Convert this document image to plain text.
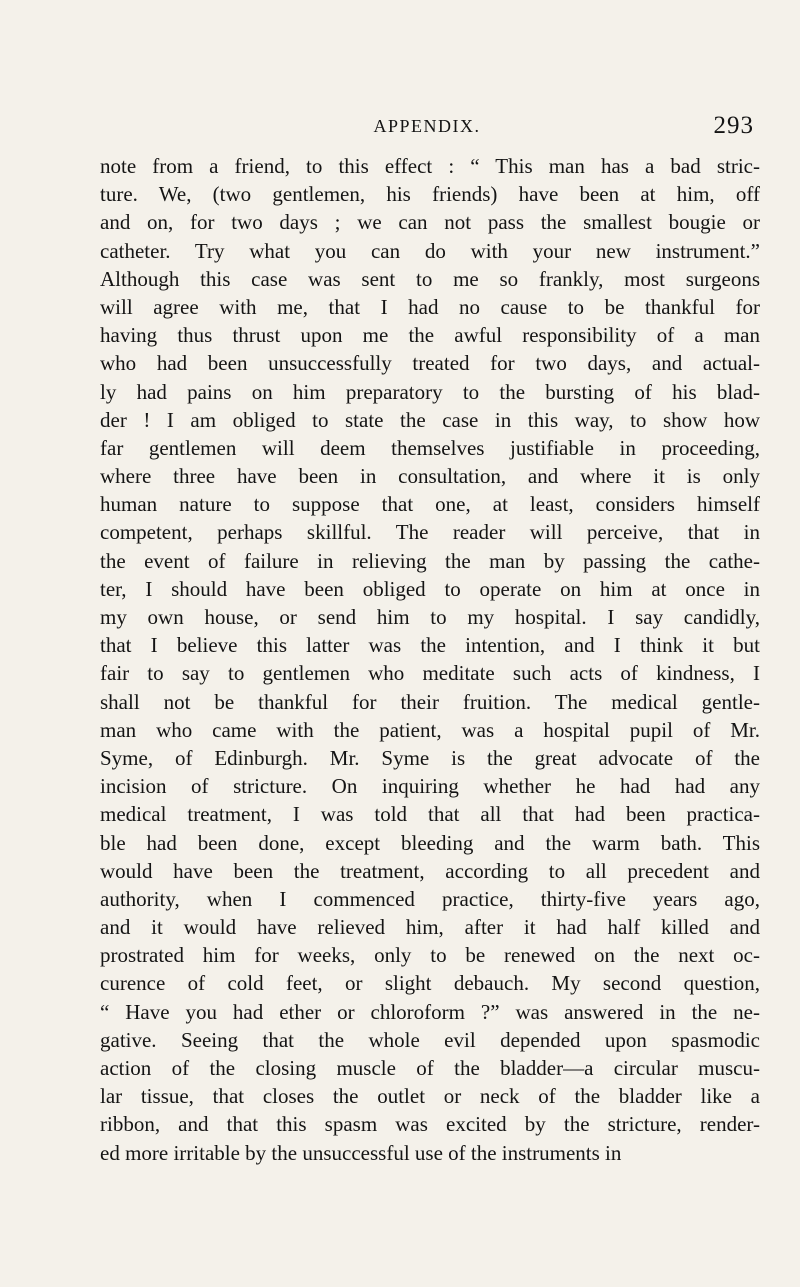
APPENDIX.	293
note from a friend, to this effect : “ This man has a bad stric-
ture. We, (two gentlemen, his friends) have been at him, off
and on, for two days ; we can not pass the smallest bougie or
catheter. Try what you can do with your new instrument.”
Although this case was sent to me so frankly, most surgeons
will agree with me, that I had no cause to be thankful for
having thus thrust upon me the awful responsibility of a man
who had been unsuccessfully treated for two days, and actual-
ly had pains on him preparatory to the bursting of his blad-
der ! I am obliged to state the case in this way, to show how
far gentlemen will deem themselves justifiable in proceeding,
where three have been in consultation, and where it is only
human nature to suppose that one, at least, considers himself
competent, perhaps skillful. The reader will perceive, that in
the event of failure in relieving the man by passing the cathe-
ter, I should have been obliged to operate on him at once in
my own house, or send him to my hospital. I say candidly,
that I believe this latter was the intention, and I think it but
fair to say to gentlemen who meditate such acts of kindness, I
shall not be thankful for their fruition. The medical gentle-
man who came with the patient, was a hospital pupil of Mr.
Syme, of Edinburgh. Mr. Syme is the great advocate of the
incision of stricture. On inquiring whether he had had any
medical treatment, I was told that all that had been practica-
ble had been done, except bleeding and the warm bath. This
would have been the treatment, according to all precedent and
authority, when I commenced practice, thirty-five years ago,
and it would have relieved him, after it had half killed and
prostrated him for weeks, only to be renewed on the next oc-
curence of cold feet, or slight debauch. My second question,
“ Have you had ether or chloroform ?” was answered in the ne-
gative. Seeing that the whole evil depended upon spasmodic
action of the closing muscle of the bladder—a circular muscu-
lar tissue, that closes the outlet or neck of the bladder like a
ribbon, and that this spasm was excited by the stricture, render-
ed more irritable by the unsuccessful use of the instruments in
